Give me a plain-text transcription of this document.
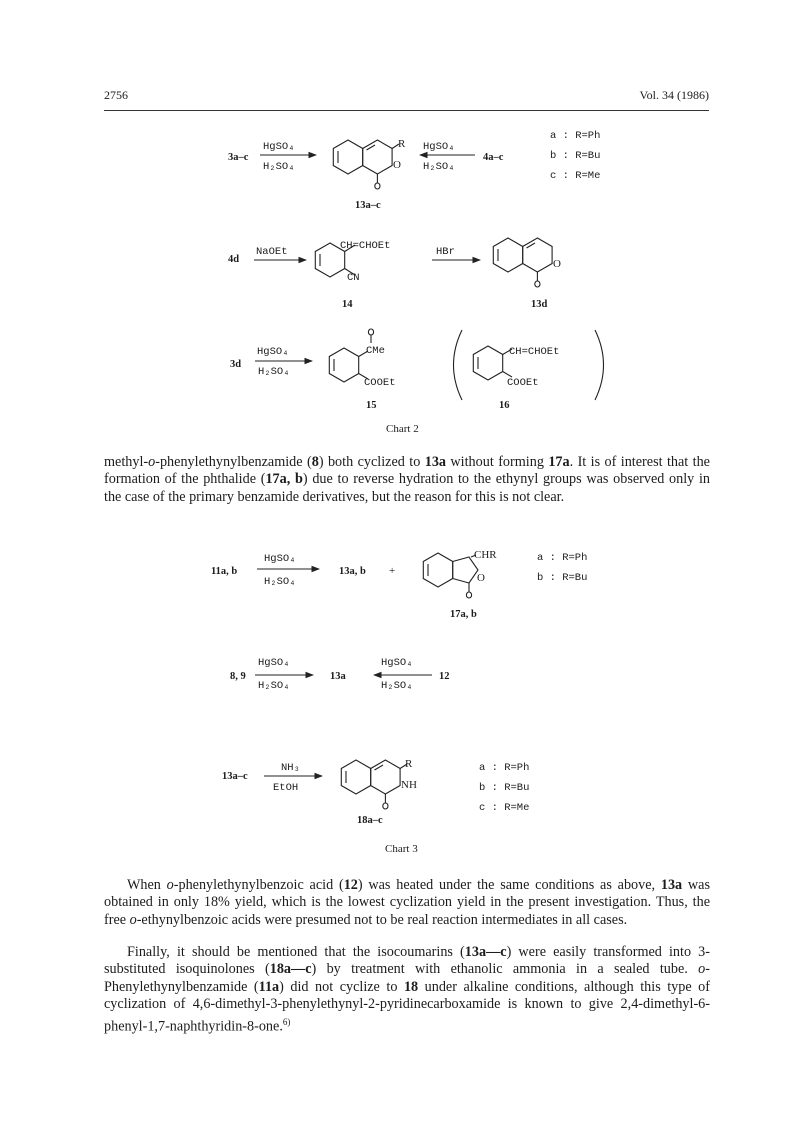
2756	Vol. 34 (1986)
3a–c
HgSO₄
H₂SO₄
R
O
HgSO₄
H₂SO₄
4a–c
a : R=Ph
b : R=Bu
c : R=Me
13a–c
4d
NaOEt	CH=CHOEt
CN
14
HBr
O
13d
3d
HgSO₄
H₂SO₄
CMe
COOEt
15
CH=CHOEt
COOEt
16
Chart 2
11a, b
HgSO₄
H₂SO₄
13a, b +
CHR
O
17a, b
a : R=Ph
b : R=Bu
8, 9
HgSO₄
H₂SO₄
13a
HgSO₄
H₂SO₄
12
13a–c
NH₃
EtOH
R
NH
18a–c
a : R=Ph
b : R=Bu
c : R=Me
Chart 3

methyl-o-phenylethynylbenzamide (8) both cyclized to 13a without forming 17a. It is of interest that the formation of the phthalide (17a, b) due to reverse hydration to the ethynyl groups was observed only in the case of the primary benzamide derivatives, but the reason for this is not clear.

When o-phenylethynylbenzoic acid (12) was heated under the same conditions as above, 13a was obtained in only 18% yield, which is the lowest cyclization yield in the present investigation. Thus, the free o-ethynylbenzoic acids were presumed not to be real reaction intermediates in all cases.

Finally, it should be mentioned that the isocoumarins (13a—c) were easily transformed into 3-substituted isoquinolones (18a—c) by treatment with ethanolic ammonia in a sealed tube. o-Phenylethynylbenzamide (11a) did not cyclize to 18 under alkaline conditions, although this type of cyclization of 4,6-dimethyl-3-phenylethynyl-2-pyridinecarboxamide is known to give 2,4-dimethyl-6-phenyl-1,7-naphthyridin-8-one.$^{6)}$
